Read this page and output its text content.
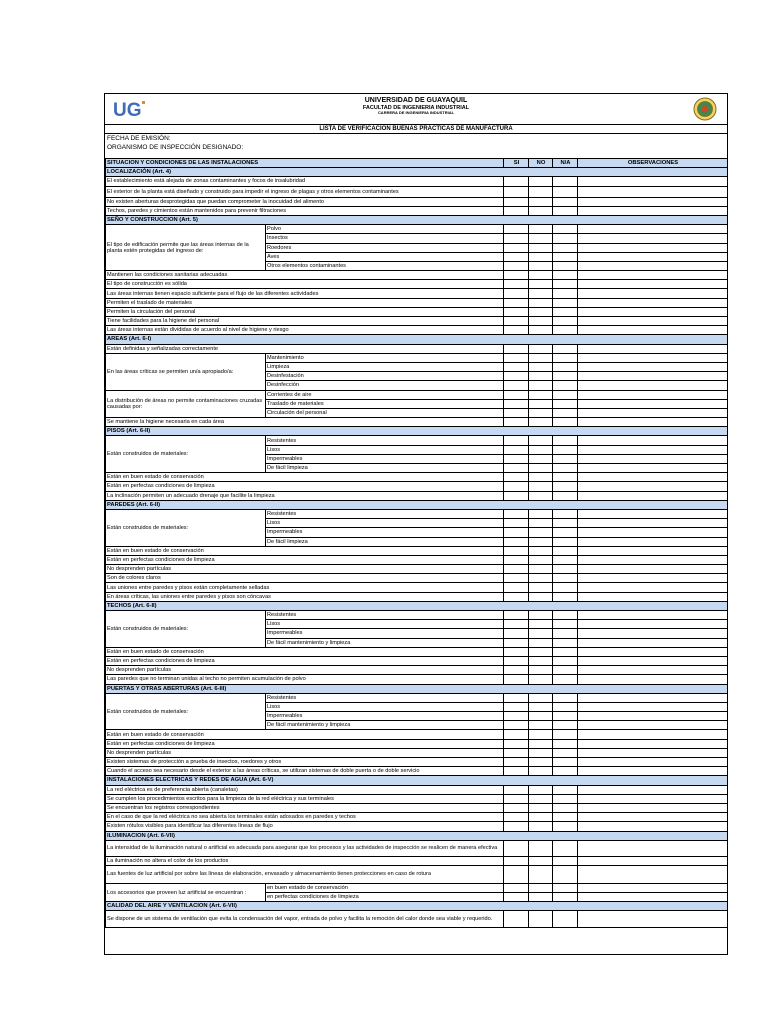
UG	UNIVERSIDAD DE GUAYAQUIL
FACULTAD DE INGENIERIA INDUSTRIAL
CARRERA DE INGENIERIA INDUSTRIAL
LISTA DE VERIFICACIÓN BUENAS PRÁCTICAS DE MANUFACTURA
FECHA DE EMISIÓN:
ORGANISMO DE INSPECCIÓN DESIGNADO:
SITUACION Y CONDICIONES DE LAS INSTALACIONES		SI	NO	N/A	OBSERVACIONES
LOCALIZACIÓN (Art. 4)					
El establecimiento está alejada de zonas contaminantes y focos de insalubridad					
El exterior de la planta está diseñado y construido para impedir el ingreso de plagas y otros elementos contaminantes					
No existen aberturas desprotegidas que puedan comprometer la inocuidad del alimento					
Techos, paredes y cimientos están mantenidos para prevenir filtraciones					
SEÑO Y CONSTRUCCION (Art. 5)					
El tipo de edificación permite que las áreas internas de la planta estén protegidas del ingreso de:	Polvo				
	Insectos				
	Roedores				
	Aves				
	Otros elementos contaminantes				
Mantienen las condiciones sanitarias adecuadas					
El tipo de construcción es sólida					
Las áreas internas tienen espacio suficiente para el flujo de las diferentes actividades					
Permiten el traslado de materiales					
Permiten la circulación del personal					
Tiene facilidades para la higiene del personal					
Las áreas internas están divididas de acuerdo al nivel de higiene y riesgo					
AREAS (Art. 6-I)					
Están definidas y señalizadas correctamente					
En las áreas críticas se permiten un/a apropiado/a:	Mantenimiento				
	Limpieza				
	Desinfestación				
	Desinfección				
La distribución de áreas no permite contaminaciones cruzadas causadas por:	Corrientes de aire				
	Traslado de materiales				
	Circulación del personal				
Se mantiene la higiene necesaria en cada área					
PISOS (Art. 6-II)					
Están construidos de materiales:	Resistentes				
	Lisos				
	Impermeables				
	De fácil limpieza				
Están en buen estado de conservación					
Están en perfectas condiciones de limpieza					
La inclinación permiten un adecuado drenaje que facilite la limpieza					
PAREDES (Art. 6-II)					
Están construidos de materiales:	Resistentes				
	Lisos				
	Impermeables				
	De fácil limpieza				
Están en buen estado de conservación					
Están en perfectas condiciones de limpieza					
No desprenden partículas					
Son de colores claros					
Las uniones entre paredes y pisos están completamente selladas					
En áreas críticas, las uniones entre paredes y pisos son cóncavas					
TECHOS (Art. 6-II)					
Están construidos de materiales:	Resistentes				
	Lisos				
	Impermeables				
	De fácil mantenimiento y limpieza				
Están en buen estado de conservación					
Están en perfectas condiciones de limpieza					
No desprenden partículas					
Las paredes que no terminan unidas al techo no permiten acumulación de polvo					
PUERTAS Y OTRAS ABERTURAS (Art. 6-III)					
Están construidos de materiales:	Resistentes				
	Lisos				
	Impermeables				
	De fácil mantenimiento y limpieza				
Están en buen estado de conservación					
Están en perfectas condiciones de limpieza					
No desprenden partículas					
Existen sistemas de protección a prueba de insectos, roedores y otros					
Cuando el acceso sea necesario desde el exterior a las áreas críticas, se utilizan sistemas de doble puerta o de doble servicio					
INSTALACIONES ELECTRICAS Y REDES DE AGUA (Art. 6-V)					
La red eléctrica es de preferencia abierta (canaletas)					
Se cumplen los procedimientos escritos para la limpieza de la red eléctrica y sus terminales					
Se encuentran los registros correspondientes					
En el caso de que la red eléctrica no sea abierta los terminales están adosados en paredes y techos					
Existen rótulos visibles para identificar las diferentes líneas de flujo					
ILUMINACION (Art. 6-VII)					
La intensidad de la iluminación natural o artificial es adecuada para asegurar que los procesos y las actividades de inspección se realicen de manera efectiva					
La iluminación no altera el color de los productos					
Las fuentes de luz artificial por sobre las líneas de elaboración, envasado y almacenamiento tienen protecciones en caso de rotura					
Los accesorios que proveen luz artificial se encuentran :	en buen estado de conservación				
	en perfectas condiciones de limpieza				
CALIDAD DEL AIRE Y VENTILACION (Art. 6-VII)					
Se dispone de un sistema de ventilación que evita la condensación del vapor, entrada de polvo y facilita la remoción del calor donde sea viable y requerido.					
